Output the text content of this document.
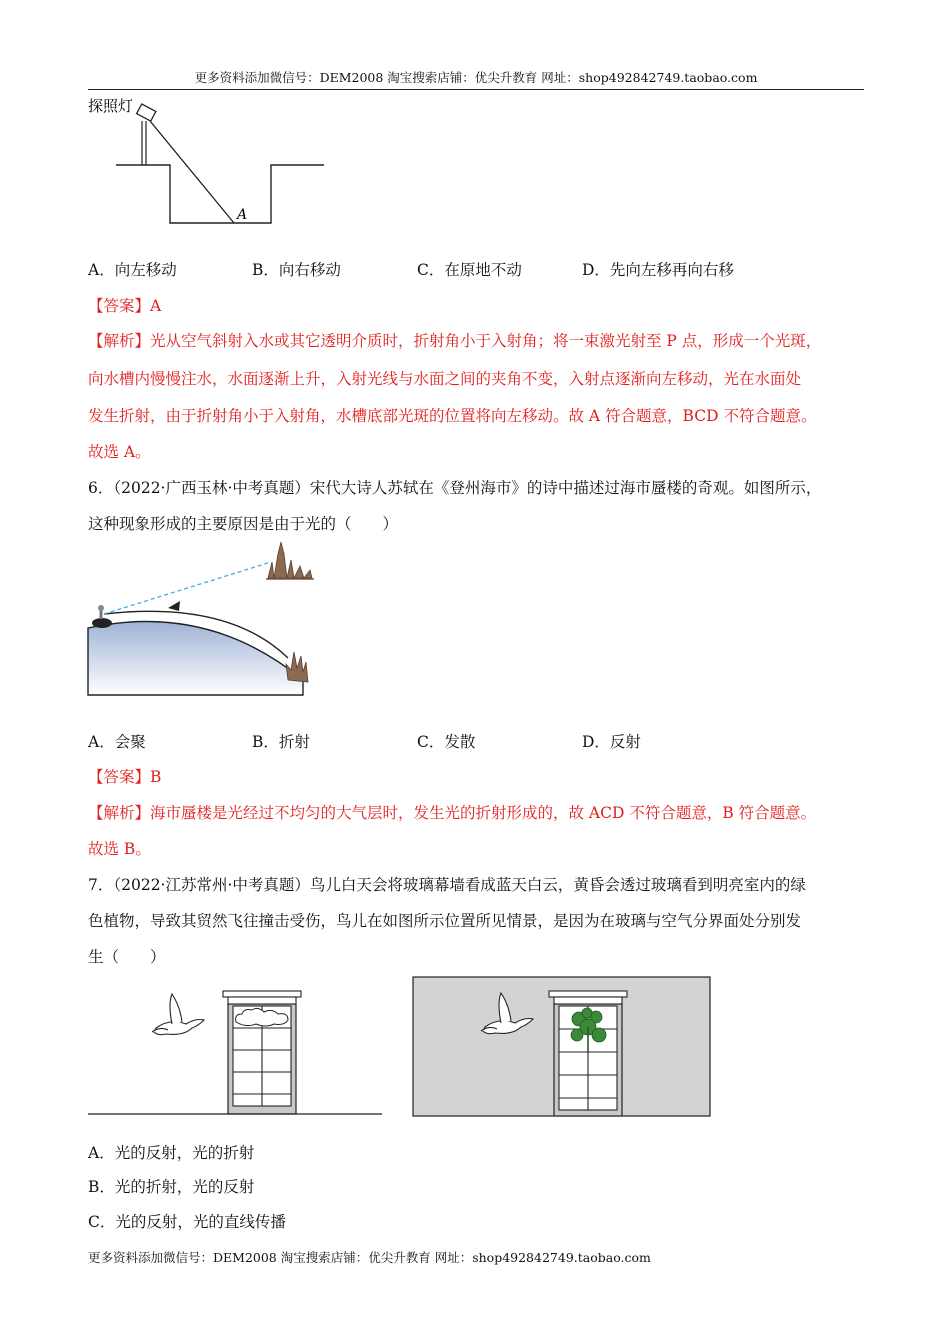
更多资料添加微信号：DEM2008 淘宝搜索店铺：优尖升教育 网址：shop492842749.taobao.com
探照灯
A
A．向左移动	B．向右移动	C．在原地不动	D．先向左移再向右移
【答案】A
【解析】光从空气斜射入水或其它透明介质时，折射角小于入射角；将一束激光射至 P 点，形成一个光斑，
向水槽内慢慢注水，水面逐渐上升，入射光线与水面之间的夹角不变，入射点逐渐向左移动，光在水面处
发生折射，由于折射角小于入射角，水槽底部光斑的位置将向左移动。故 A 符合题意，BCD 不符合题意。
故选 A。
6．（2022·广西玉林·中考真题）宋代大诗人苏轼在《登州海市》的诗中描述过海市蜃楼的奇观。如图所示，
这种现象形成的主要原因是由于光的（　　）
A．会聚	B．折射	C．发散	D．反射
【答案】B
【解析】海市蜃楼是光经过不均匀的大气层时，发生光的折射形成的，故 ACD 不符合题意，B 符合题意。
故选 B。
7．（2022·江苏常州·中考真题）鸟儿白天会将玻璃幕墙看成蓝天白云，黄昏会透过玻璃看到明亮室内的绿
色植物，导致其贸然飞往撞击受伤，鸟儿在如图所示位置所见情景，是因为在玻璃与空气分界面处分别发
生（　　）
A．光的反射，光的折射
B．光的折射，光的反射
C．光的反射，光的直线传播
更多资料添加微信号：DEM2008 淘宝搜索店铺：优尖升教育 网址：shop492842749.taobao.com
